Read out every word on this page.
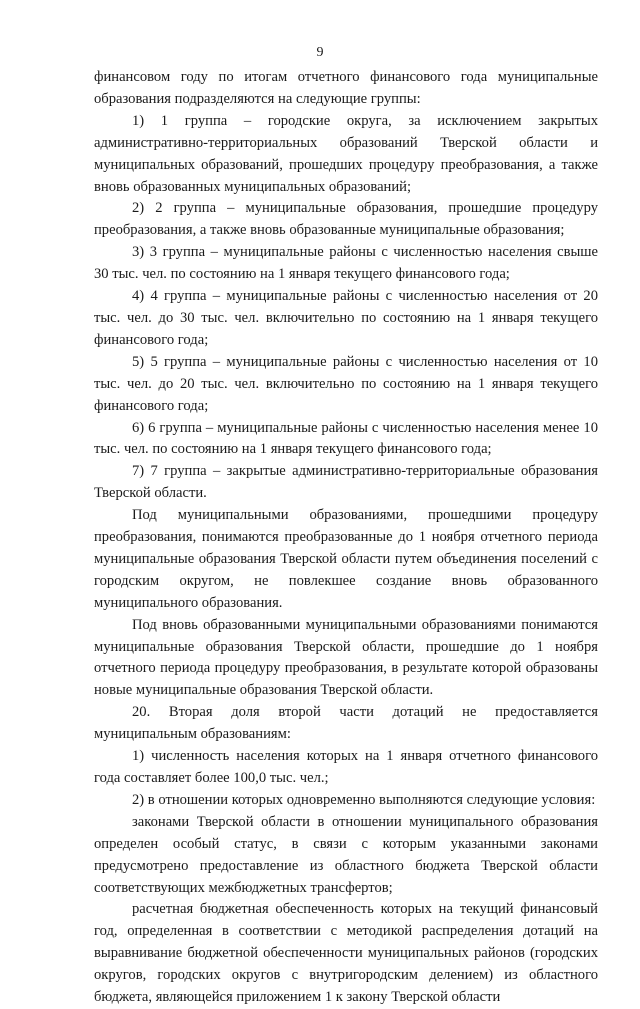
9

финансовом году по итогам отчетного финансового года муниципальные образования подразделяются на следующие группы:

1) 1 группа – городские округа, за исключением закрытых административно-территориальных образований Тверской области и муниципальных образований, прошедших процедуру преобразования, а также вновь образованных муниципальных образований;

2) 2 группа – муниципальные образования, прошедшие процедуру преобразования, а также вновь образованные муниципальные образования;

3) 3 группа – муниципальные районы с численностью населения свыше 30 тыс. чел. по состоянию на 1 января текущего финансового года;

4) 4 группа – муниципальные районы с численностью населения от 20 тыс. чел. до 30 тыс. чел. включительно по состоянию на 1 января текущего финансового года;

5) 5 группа – муниципальные районы с численностью населения от 10 тыс. чел. до 20 тыс. чел. включительно по состоянию на 1 января текущего финансового года;

6) 6 группа – муниципальные районы с численностью населения менее 10 тыс. чел. по состоянию на 1 января текущего финансового года;

7) 7 группа – закрытые административно-территориальные образования Тверской области.

Под муниципальными образованиями, прошедшими процедуру преобразования, понимаются преобразованные до 1 ноября отчетного периода муниципальные образования Тверской области путем объединения поселений с городским округом, не повлекшее создание вновь образованного муниципального образования.

Под вновь образованными муниципальными образованиями понимаются муниципальные образования Тверской области, прошедшие до 1 ноября отчетного периода процедуру преобразования, в результате которой образованы новые муниципальные образования Тверской области.

20. Вторая доля второй части дотаций не предоставляется муниципальным образованиям:

1) численность населения которых на 1 января отчетного финансового года составляет более 100,0 тыс. чел.;

2) в отношении которых одновременно выполняются следующие условия:

законами Тверской области в отношении муниципального образования определен особый статус, в связи с которым указанными законами предусмотрено предоставление из областного бюджета Тверской области соответствующих межбюджетных трансфертов;

расчетная бюджетная обеспеченность которых на текущий финансовый год, определенная в соответствии с методикой распределения дотаций на выравнивание бюджетной обеспеченности муниципальных районов (городских округов, городских округов с внутригородским делением) из областного бюджета, являющейся приложением 1 к закону Тверской области
